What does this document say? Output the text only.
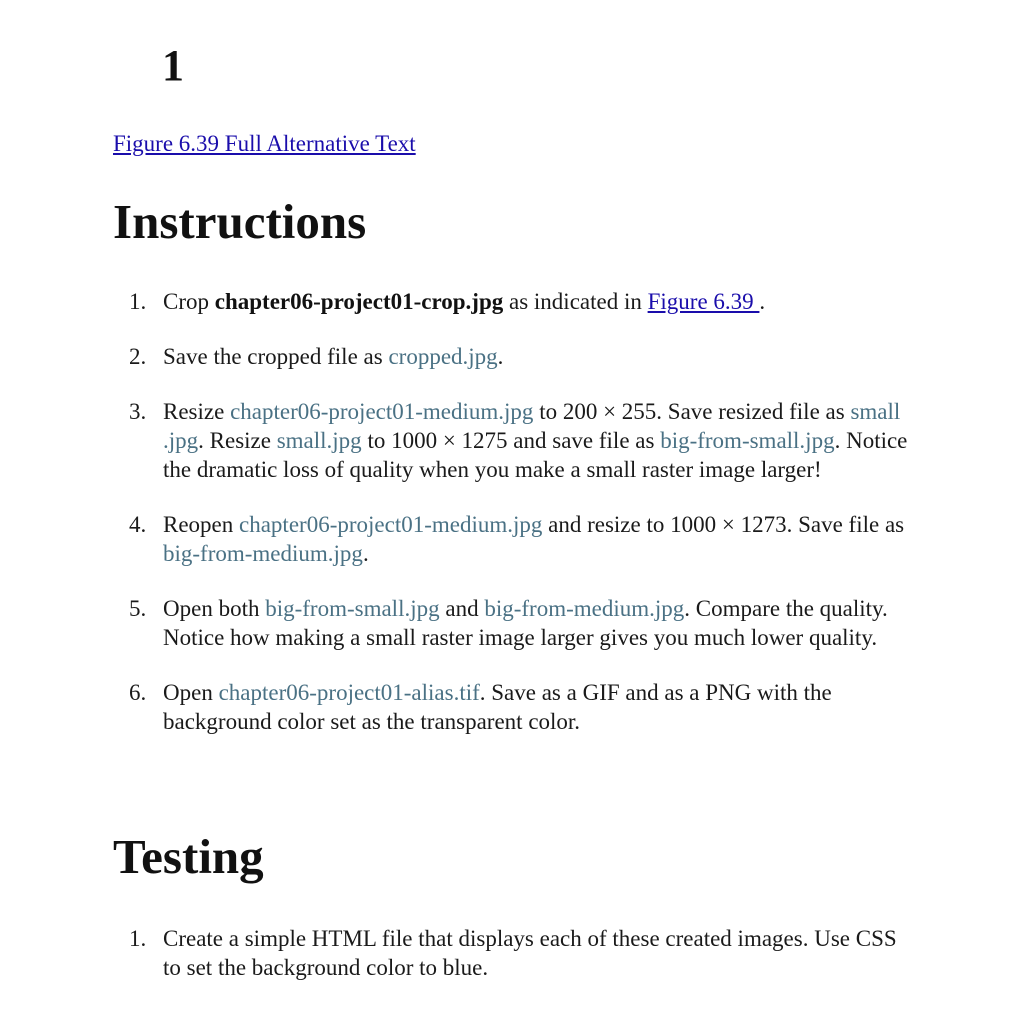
1
Figure 6.39 Full Alternative Text
Instructions
1. Crop chapter06-project01-crop.jpg as indicated in Figure 6.39 .
2. Save the cropped file as cropped.jpg.
3. Resize chapter06-project01-medium.jpg to 200 × 255. Save resized file as small .jpg. Resize small.jpg to 1000 × 1275 and save file as big-from-small.jpg. Notice the dramatic loss of quality when you make a small raster image larger!
4. Reopen chapter06-project01-medium.jpg and resize to 1000 × 1273. Save file as big-from-medium.jpg.
5. Open both big-from-small.jpg and big-from-medium.jpg. Compare the quality. Notice how making a small raster image larger gives you much lower quality.
6. Open chapter06-project01-alias.tif. Save as a GIF and as a PNG with the background color set as the transparent color.
Testing
1. Create a simple HTML file that displays each of these created images. Use CSS to set the background color to blue.
